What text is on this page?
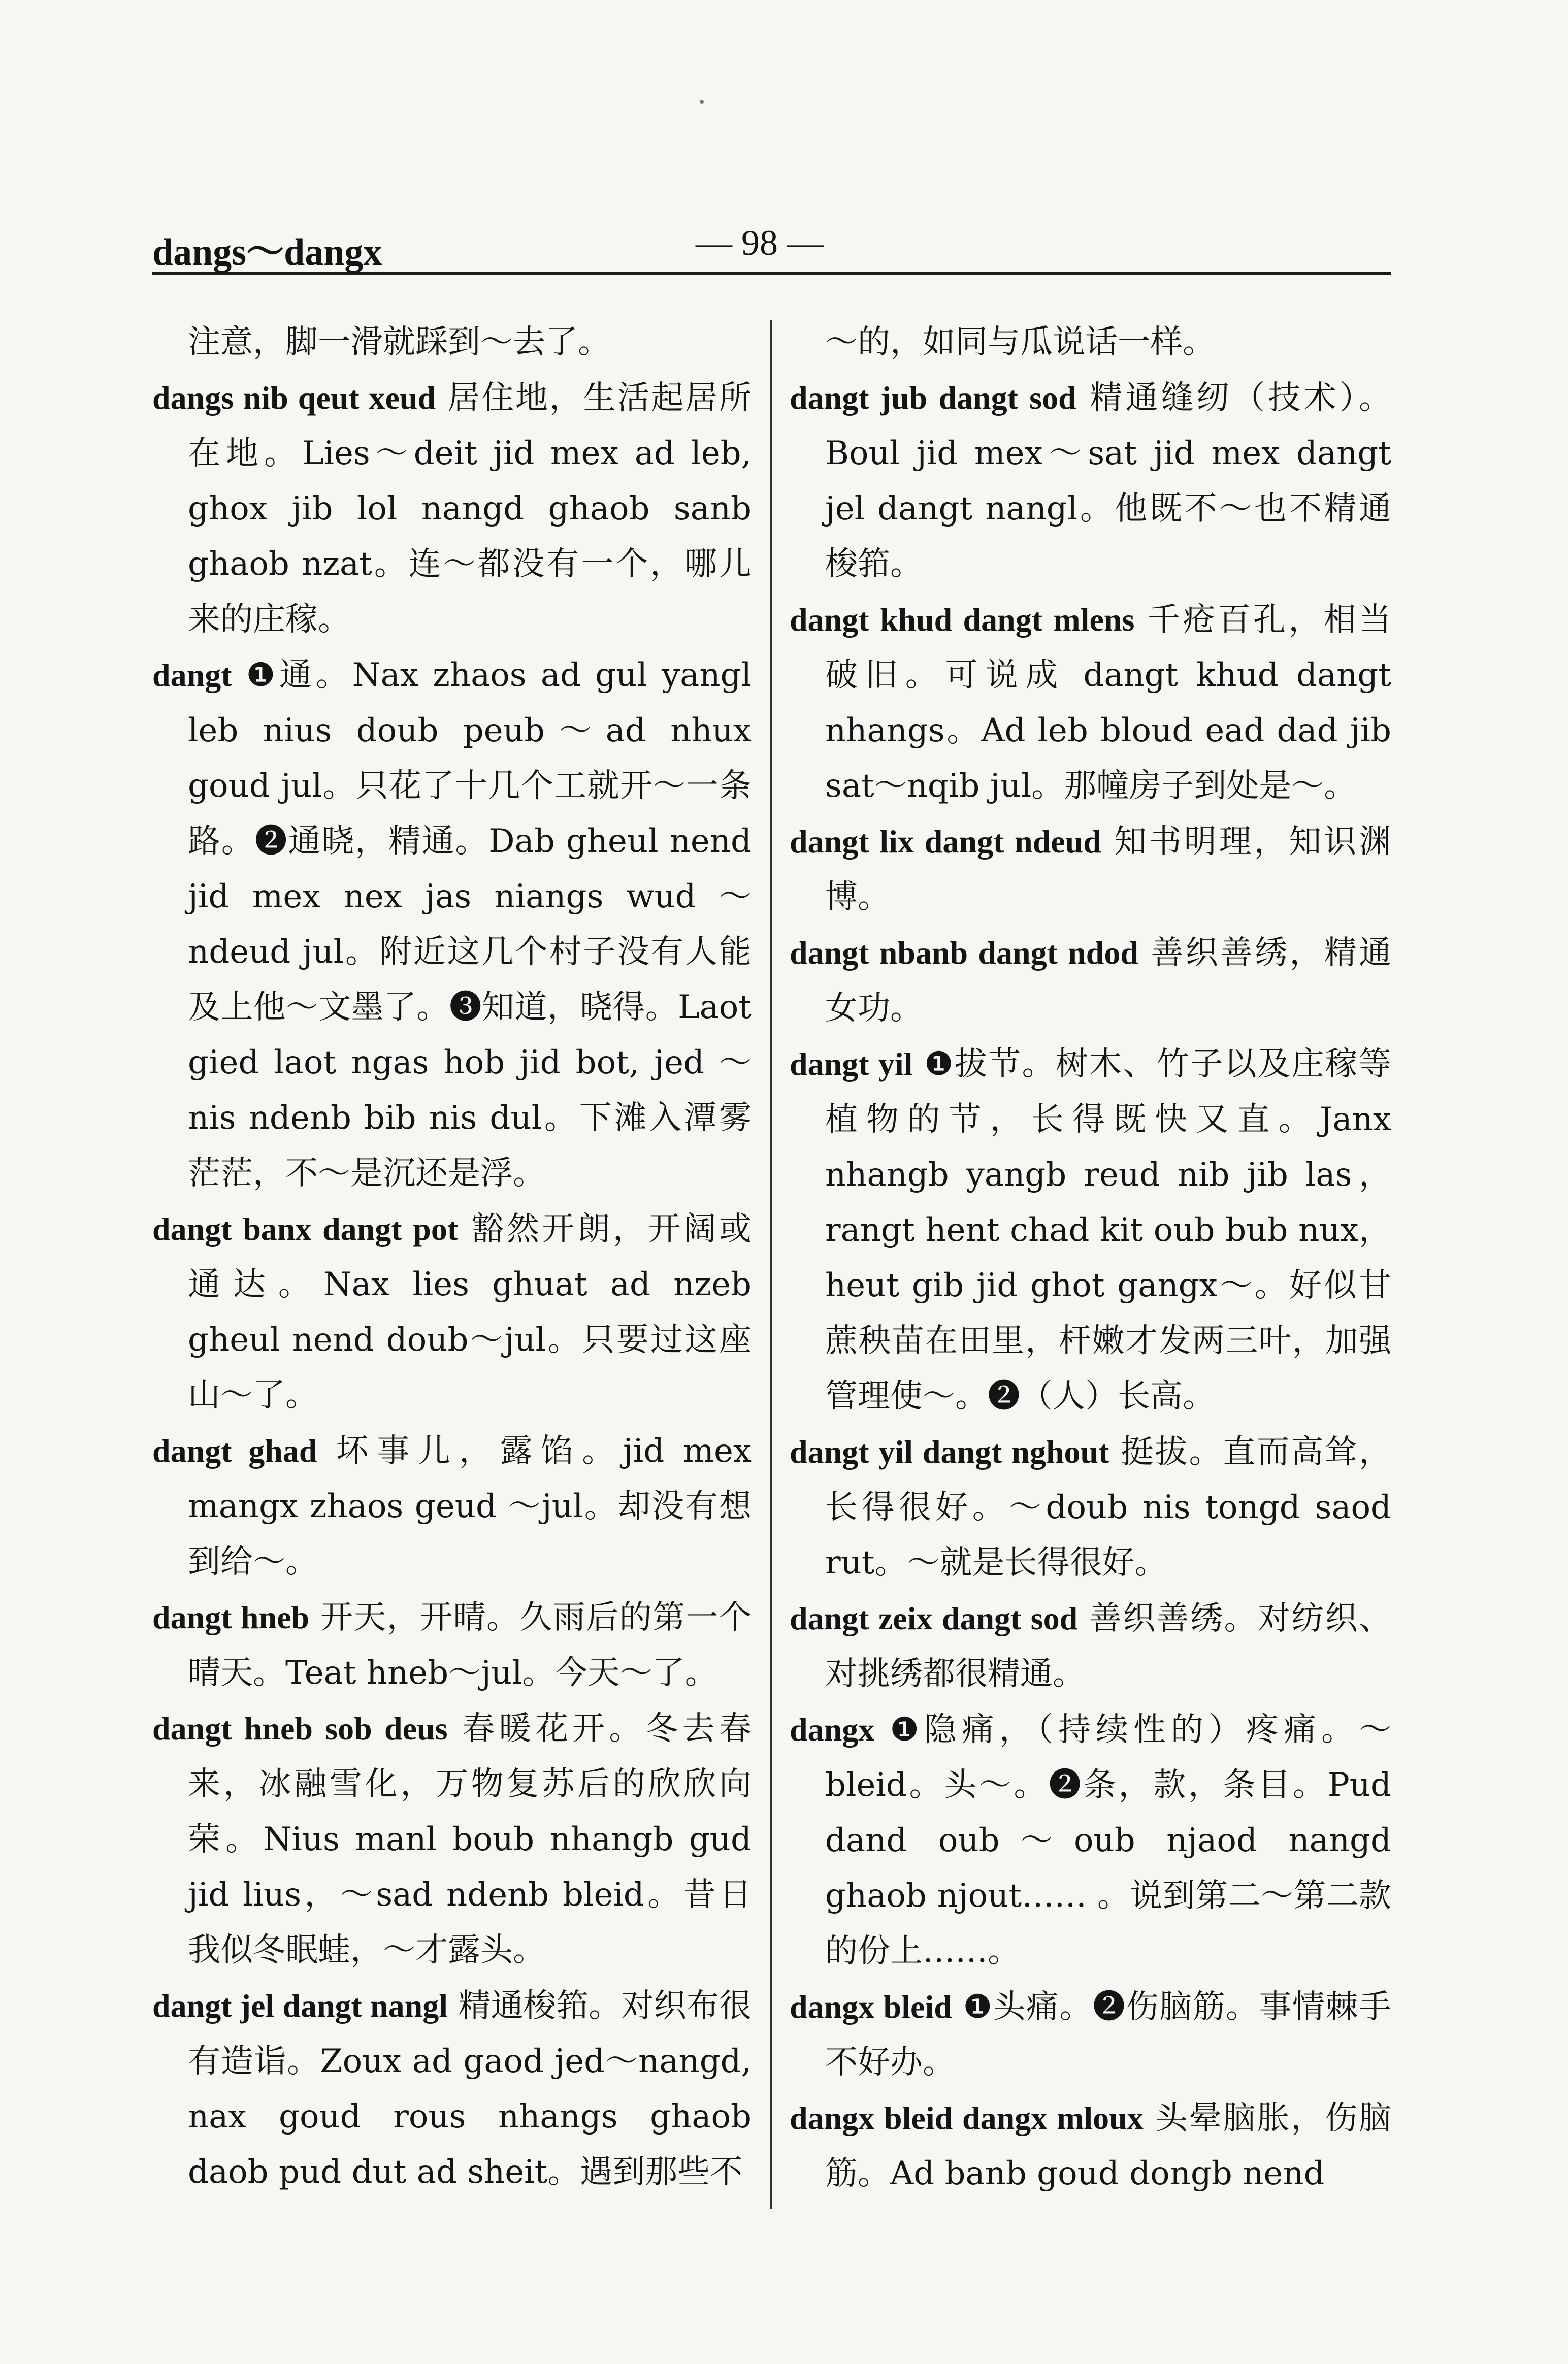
dangs～dangx	— 98 —

注意，脚一滑就踩到～去了。

dangs nib qeut xeud 居住地，生活起居所在地。Lies～deit jid mex ad leb, ghox jib lol nangd ghaob sanb ghaob nzat。连～都没有一个，哪儿来的庄稼。

dangt ❶通。Nax zhaos ad gul yangl leb nius doub peub～ad nhux goud jul。只花了十几个工就开～一条路。❷通晓，精通。Dab gheul nend jid mex nex jas niangs wud ～ ndeud jul。附近这几个村子没有人能及上他～文墨了。❸知道，晓得。Laot gied laot ngas hob jid bot, jed ～nis ndenb bib nis dul。下滩入潭雾茫茫，不～是沉还是浮。

dangt banx dangt pot 豁然开朗，开阔或通达。Nax lies ghuat ad nzeb gheul nend doub～jul。只要过这座山～了。

dangt ghad 坏事儿，露馅。jid mex mangx zhaos geud ～jul。却没有想到给～。

dangt hneb 开天，开晴。久雨后的第一个晴天。Teat hneb～jul。今天～了。

dangt hneb sob deus 春暖花开。冬去春来，冰融雪化，万物复苏后的欣欣向荣。Nius manl boub nhangb gud jid lius，～sad ndenb bleid。昔日我似冬眠蛙，～才露头。

dangt jel dangt nangl 精通梭筘。对织布很有造诣。Zoux ad gaod jed～nangd, nax goud rous nhangs ghaob daob pud dut ad sheit。遇到那些不

～的，如同与瓜说话一样。

dangt jub dangt sod 精通缝纫（技术）。Boul jid mex～sat jid mex dangt jel dangt nangl。他既不～也不精通梭筘。

dangt khud dangt mlens 千疮百孔，相当破旧。可说成 dangt khud dangt nhangs。Ad leb bloud ead dad jib sat～nqib jul。那幢房子到处是～。

dangt lix dangt ndeud 知书明理，知识渊博。

dangt nbanb dangt ndod 善织善绣，精通女功。

dangt yil ❶拔节。树木、竹子以及庄稼等植物的节，长得既快又直。Janx nhangb yangb reud nib jib las，rangt hent chad kit oub bub nux，heut gib jid ghot gangx～。好似甘蔗秧苗在田里，杆嫩才发两三叶，加强管理使～。❷（人）长高。

dangt yil dangt nghout 挺拔。直而高耸，长得很好。～doub nis tongd saod rut。～就是长得很好。

dangt zeix dangt sod 善织善绣。对纺织、对挑绣都很精通。

dangx ❶隐痛，（持续性的）疼痛。～bleid。头～。❷条，款，条目。Pud dand oub～oub njaod nangd ghaob njout…… 。说到第二～第二款的份上……。

dangx bleid ❶头痛。❷伤脑筋。事情棘手不好办。

dangx bleid dangx mloux 头晕脑胀，伤脑筋。Ad banb goud dongb nend
